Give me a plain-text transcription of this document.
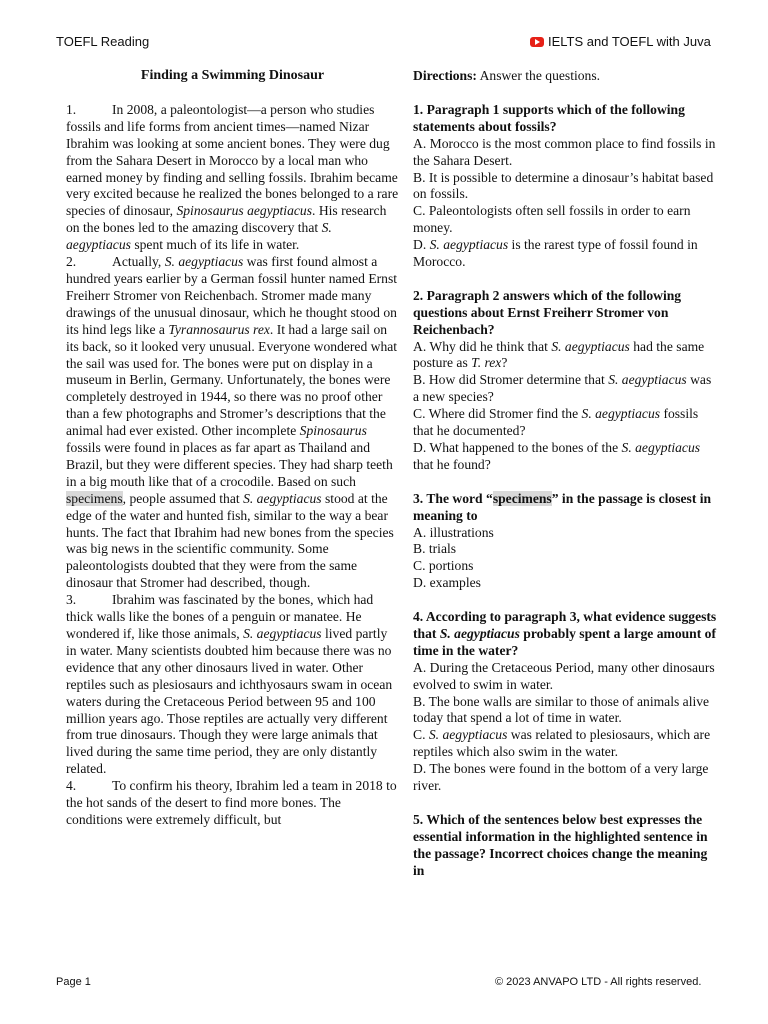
TOEFL Reading	IELTS and TOEFL with Juva
Finding a Swimming Dinosaur

1.	In 2008, a paleontologist—a person who studies fossils and life forms from ancient times—named Nizar Ibrahim was looking at some ancient bones. They were dug from the Sahara Desert in Morocco by a local man who earned money by finding and selling fossils. Ibrahim became very excited because he realized the bones belonged to a rare species of dinosaur, Spinosaurus aegyptiacus. His research on the bones led to the amazing discovery that S. aegyptiacus spent much of its life in water.

2.	Actually, S. aegyptiacus was first found almost a hundred years earlier by a German fossil hunter named Ernst Freiherr Stromer von Reichenbach. Stromer made many drawings of the unusual dinosaur, which he thought stood on its hind legs like a Tyrannosaurus rex. It had a large sail on its back, so it looked very unusual. Everyone wondered what the sail was used for. The bones were put on display in a museum in Berlin, Germany. Unfortunately, the bones were completely destroyed in 1944, so there was no proof other than a few photographs and Stromer’s descriptions that the animal had ever existed. Other incomplete Spinosaurus fossils were found in places as far apart as Thailand and Brazil, but they were different species. They had sharp teeth in a big mouth like that of a crocodile. Based on such specimens, people assumed that S. aegyptiacus stood at the edge of the water and hunted fish, similar to the way a bear hunts. The fact that Ibrahim had new bones from the species was big news in the scientific community. Some paleontologists doubted that they were from the same dinosaur that Stromer had described, though.

3.	Ibrahim was fascinated by the bones, which had thick walls like the bones of a penguin or manatee. He wondered if, like those animals, S. aegyptiacus lived partly in water. Many scientists doubted him because there was no evidence that any other dinosaurs lived in water. Other reptiles such as plesiosaurs and ichthyosaurs swam in ocean waters during the Cretaceous Period between 95 and 100 million years ago. Those reptiles are actually very different from true dinosaurs. Though they were large animals that lived during the same time period, they are only distantly related.

4.	To confirm his theory, Ibrahim led a team in 2018 to the hot sands of the desert to find more bones. The conditions were extremely difficult, but

Directions: Answer the questions.

1. Paragraph 1 supports which of the following statements about fossils?

A. Morocco is the most common place to find fossils in the Sahara Desert.

B. It is possible to determine a dinosaur’s habitat based on fossils.

C. Paleontologists often sell fossils in order to earn money.

D. S. aegyptiacus is the rarest type of fossil found in Morocco.

2. Paragraph 2 answers which of the following questions about Ernst Freiherr Stromer von Reichenbach?

A. Why did he think that S. aegyptiacus had the same posture as T. rex?

B. How did Stromer determine that S. aegyptiacus was a new species?

C. Where did Stromer find the S. aegyptiacus fossils that he documented?

D. What happened to the bones of the S. aegyptiacus that he found?

3. The word “specimens” in the passage is closest in meaning to

A. illustrations

B. trials

C. portions

D. examples

4. According to paragraph 3, what evidence suggests that S. aegyptiacus probably spent a large amount of time in the water?

A. During the Cretaceous Period, many other dinosaurs evolved to swim in water.

B. The bone walls are similar to those of animals alive today that spend a lot of time in water.

C. S. aegyptiacus was related to plesiosaurs, which are reptiles which also swim in the water.

D. The bones were found in the bottom of a very large river.

5. Which of the sentences below best expresses the essential information in the highlighted sentence in the passage? Incorrect choices change the meaning in

Page 1	© 2023 ANVAPO LTD - All rights reserved.
